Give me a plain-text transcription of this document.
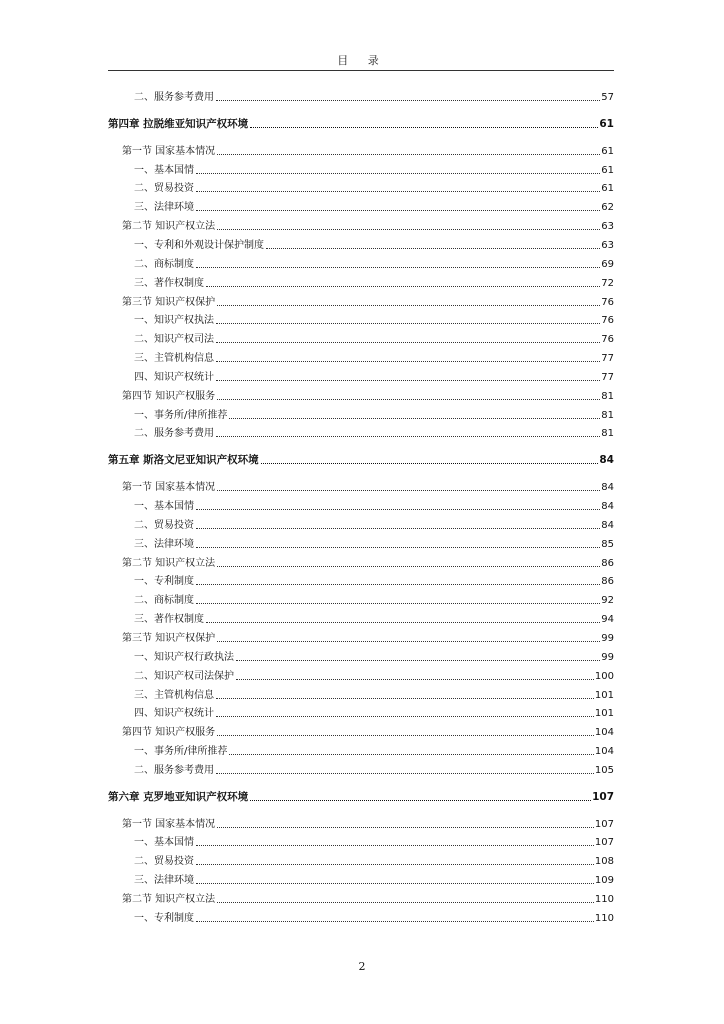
目 录
二、服务参考费用	57
第四章 拉脱维亚知识产权环境	61
第一节 国家基本情况	61
一、基本国情	61
二、贸易投资	61
三、法律环境	62
第二节 知识产权立法	63
一、专利和外观设计保护制度	63
二、商标制度	69
三、著作权制度	72
第三节 知识产权保护	76
一、知识产权执法	76
二、知识产权司法	76
三、主管机构信息	77
四、知识产权统计	77
第四节 知识产权服务	81
一、事务所/律所推荐	81
二、服务参考费用	81
第五章 斯洛文尼亚知识产权环境	84
第一节 国家基本情况	84
一、基本国情	84
二、贸易投资	84
三、法律环境	85
第二节 知识产权立法	86
一、专利制度	86
二、商标制度	92
三、著作权制度	94
第三节 知识产权保护	99
一、知识产权行政执法	99
二、知识产权司法保护	100
三、主管机构信息	101
四、知识产权统计	101
第四节 知识产权服务	104
一、事务所/律所推荐	104
二、服务参考费用	105
第六章 克罗地亚知识产权环境	107
第一节 国家基本情况	107
一、基本国情	107
二、贸易投资	108
三、法律环境	109
第二节 知识产权立法	110
一、专利制度	110
2
